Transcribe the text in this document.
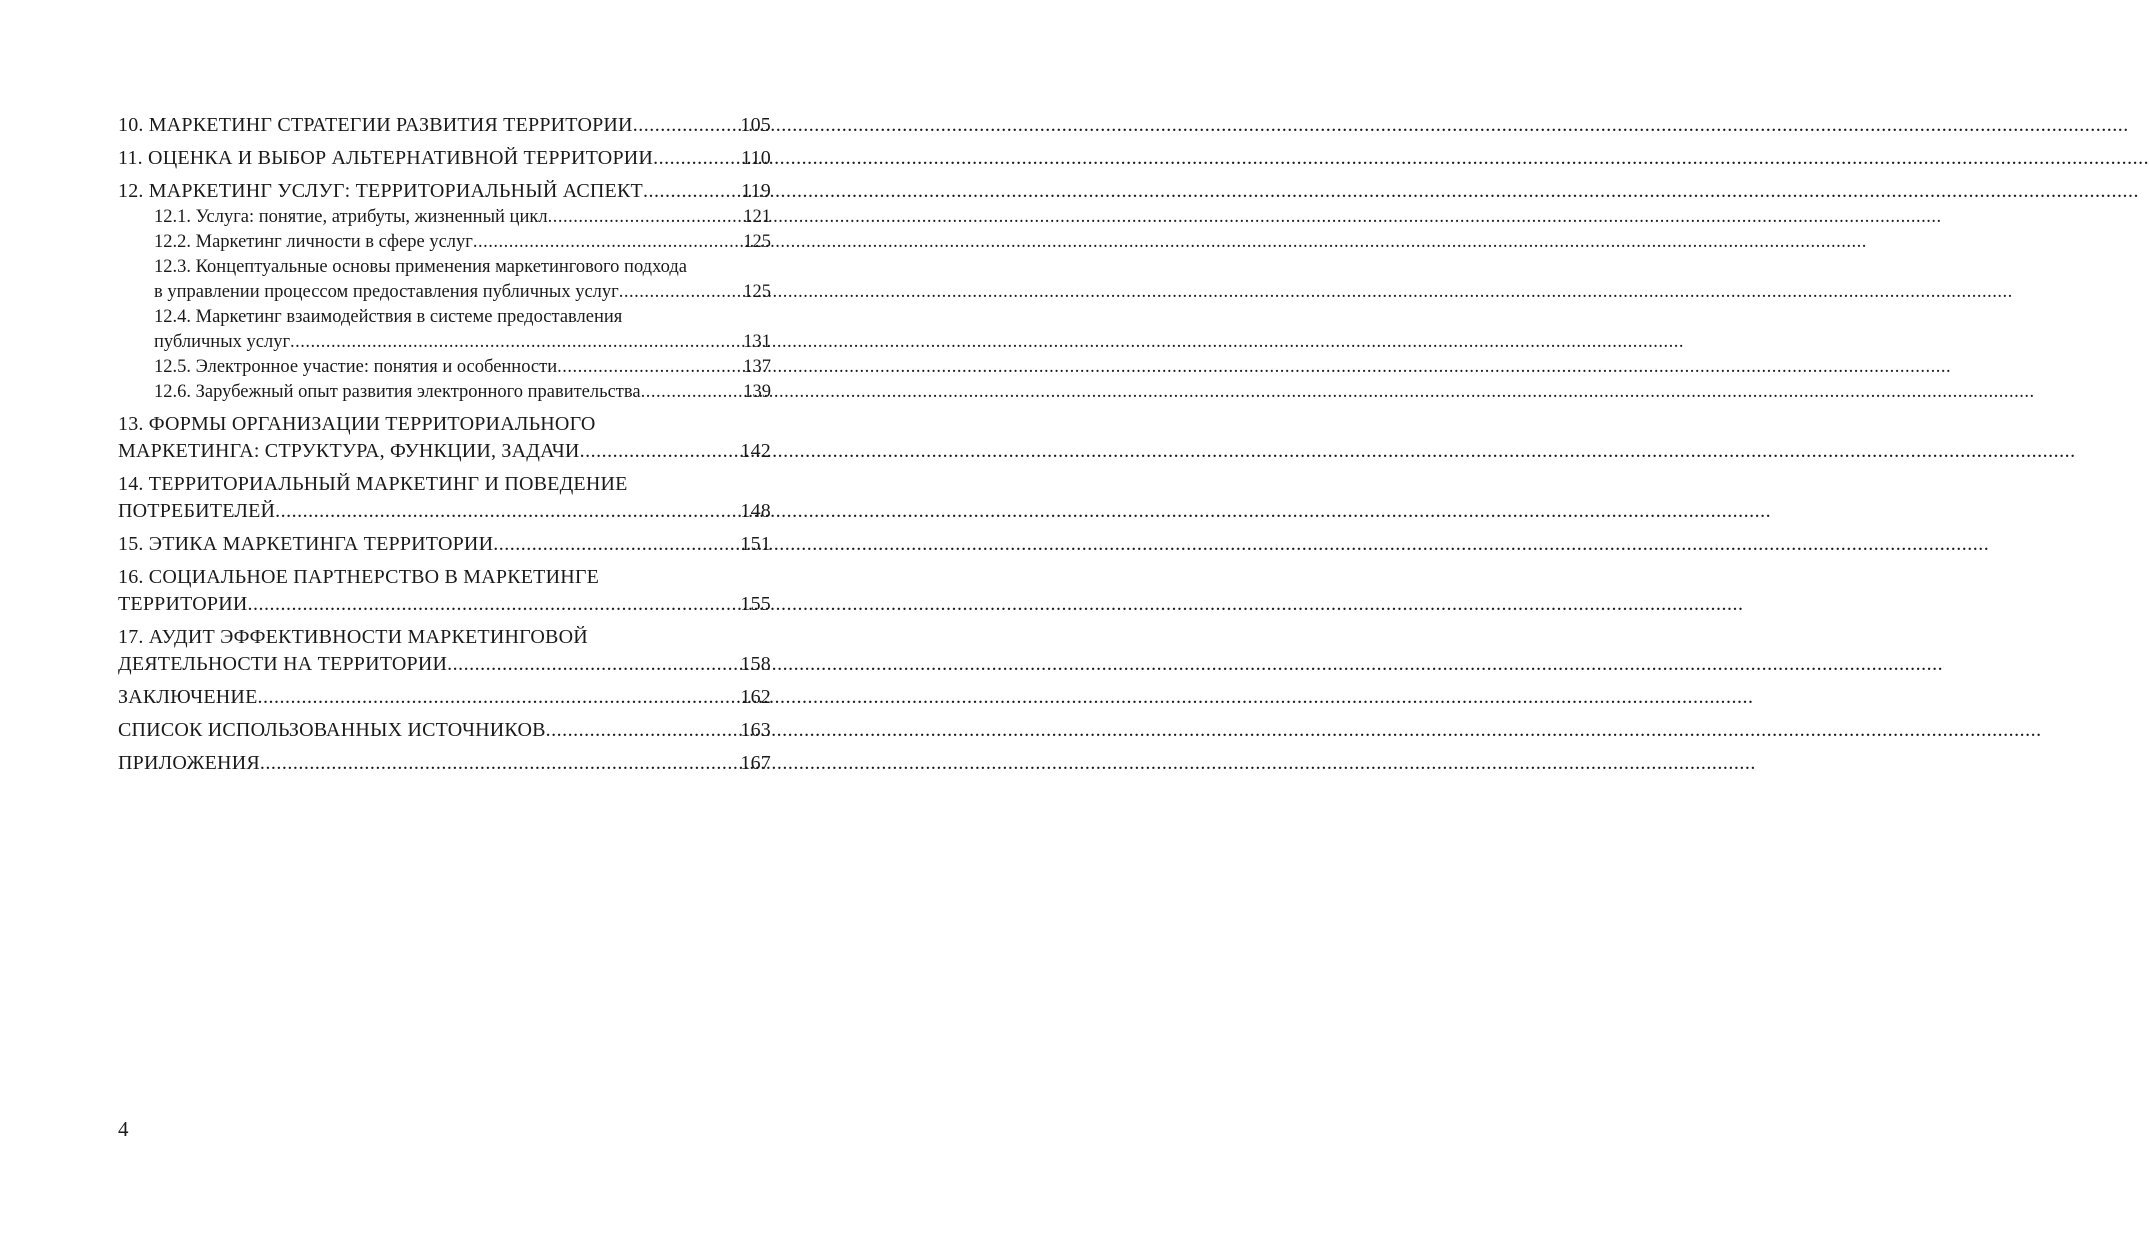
10. МАРКЕТИНГ СТРАТЕГИИ РАЗВИТИЯ ТЕРРИТОРИИ .....	105
11. ОЦЕНКА И ВЫБОР АЛЬТЕРНАТИВНОЙ ТЕРРИТОРИИ .....	110
12. МАРКЕТИНГ УСЛУГ: ТЕРРИТОРИАЛЬНЫЙ АСПЕКТ .....	119
12.1. Услуга: понятие, атрибуты, жизненный цикл .....	121
12.2. Маркетинг личности в сфере услуг .....	125
12.3. Концептуальные основы применения маркетингового подхода
в управлении процессом предоставления публичных услуг .....	125
12.4. Маркетинг взаимодействия в системе предоставления
публичных услуг .....	131
12.5. Электронное участие: понятия и особенности .....	137
12.6. Зарубежный опыт развития электронного правительства .....	139
13. ФОРМЫ ОРГАНИЗАЦИИ ТЕРРИТОРИАЛЬНОГО
МАРКЕТИНГА: СТРУКТУРА, ФУНКЦИИ, ЗАДАЧИ .....	142
14. ТЕРРИТОРИАЛЬНЫЙ МАРКЕТИНГ И ПОВЕДЕНИЕ
ПОТРЕБИТЕЛЕЙ .....	148
15. ЭТИКА МАРКЕТИНГА ТЕРРИТОРИИ .....	151
16. СОЦИАЛЬНОЕ ПАРТНЕРСТВО В МАРКЕТИНГЕ
ТЕРРИТОРИИ .....	155
17. АУДИТ ЭФФЕКТИВНОСТИ МАРКЕТИНГОВОЙ
ДЕЯТЕЛЬНОСТИ НА ТЕРРИТОРИИ .....	158
ЗАКЛЮЧЕНИЕ .....	162
СПИСОК ИСПОЛЬЗОВАННЫХ ИСТОЧНИКОВ .....	163
ПРИЛОЖЕНИЯ .....	167
4
